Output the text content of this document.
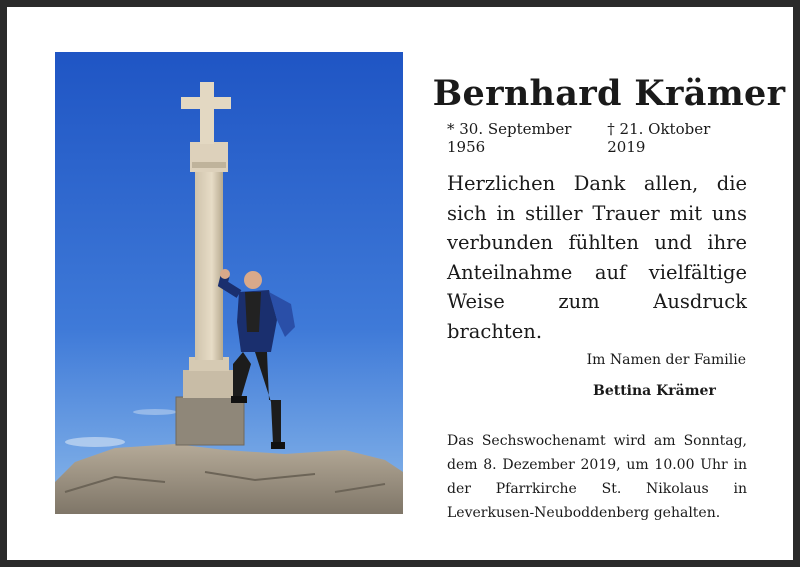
Bernhard Krämer
* 30. September 1956
† 21. Oktober 2019
Herzlichen Dank allen, die sich in stiller Trauer mit uns verbunden fühlten und ihre Anteilnahme auf vielfältige Weise zum Ausdruck brachten.
Im Namen der Familie
Bettina Krämer
Das Sechswochenamt wird am Sonntag, dem 8. Dezember 2019, um 10.00 Uhr in der Pfarrkirche St. Nikolaus in Leverkusen-Neuboddenberg gehalten.
